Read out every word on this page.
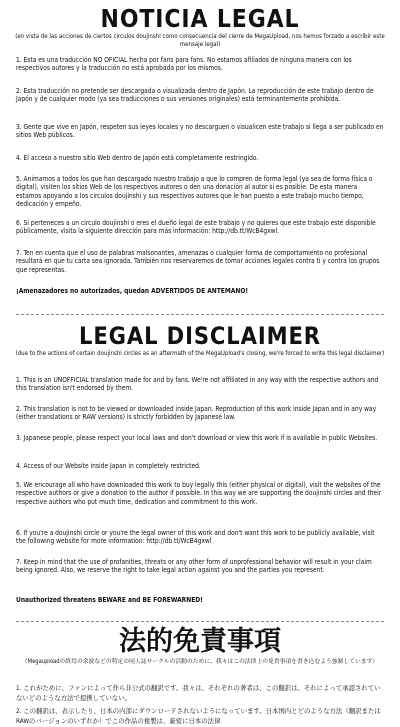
NOTICIA LEGAL

(en vista de las acciones de ciertos circulos doujinshi como consecuencia del cierre de MegaUpload, nos hemos forzado a escribir este mensaje legal)

1. Esta es una traducción NO OFICIAL hecha por fans para fans. No estamos afiliados de ninguna manera con los respectivos autores y la traducción no está aprobada por los mismos.

2. Esta traducción no pretende ser descargada o visualizada dentro de Japón. La reproducción de este trabajo dentro de Japón y de cualquier modo (ya sea traducciones o sus versiones originales) está terminantemente prohibida.

3. Gente que vive en Japón, respeten sus leyes locales y no descarguen o visualicen este trabajo si llega a ser publicado en sitios Web públicos.

4. El acceso a nuestro sitio Web dentro de Japón está completamente restringido.

5. Animamos a todos los que han descargado nuestro trabajo a que lo compren de forma legal (ya sea de forma física o digital), visiten los sitios Web de los respectivos autores o den una donación al autor si es posible. De esta manera estamos apoyando a los circulos doujinshi y sus respectivos autores que le han puesto a este trabajo mucho tiempo, dedicación y empeño.

6. Si perteneces a un circulo doujinshi o eres el dueño legal de este trabajo y no quieres que este trabajo esté disponible públicamente, visita la siguiente dirección para más información: http://db.tt/WcB4gxwl.

7. Ten en cuenta que el uso de palabras malsonantes, amenazas o cualquier forma de comportamiento no profesional resultará en que tu carta sea ignorada. También nos reservaremos de tomar acciones legales contra ti y contra los grupos que representas.

¡Amenazadores no autorizados, quedan ADVERTIDOS DE ANTEMANO!

LEGAL DISCLAIMER

(due to the actions of certain doujinshi circles as an aftermath of the MegaUpload's closing, we're forced to write this legal disclaimer)

1. This is an UNOFFICIAL translation made for and by fans. We're not affiliated in any way with the respective authors and this translation isn't endorsed by them.

2. This translation is not to be viewed or downloaded inside Japan. Reproduction of this work inside Japan and in any way (either translations or RAW versions) is strictly forbidden by Japanese law.

3. Japanese people, please respect your local laws and don't download or view this work if is available in public Websites.

4. Access of our Website inside Japan in completely restricted.

5. We encourage all who have downloaded this work to buy legally this (either physical or digital), visit the websites of the respective authors or give a donation to the author if possible. In this way we are supporting the doujinshi circles and their respective authors who put much time, dedication and commitment to this work.

6. If you're a doujinshi circle or you're the legal owner of this work and don't want this work to be publicly available, visit the following website for more information: http://db.tt/WcB4gxwl

7. Keep in mind that the use of profanities, threats or any other form of unprofessional behavior will result in your claim being ignored. Also, we reserve the right to take legal action against you and the parties you represent.

Unauthorized threatens BEWARE and BE FOREWARNED!

法的免責事項

（Megauploadの終焉の余波などの特定の同人誌サークルの活動のために、我々はこの法律上の免責事項を書き込むよう強制しています）

1. これがために、ファンによって作ら非公式の翻訳です。我々は、それぞれの著者は、この翻訳は、それによって承認されていないどのような方法で提携していない。

2. この翻訳は、表示したり、日本の内部にダウンロードされないようになっています。日本国内とどのような方法（翻訳またはRAWのバージョンのいずれか）でこの作品の複製は、厳密に日本の法律
